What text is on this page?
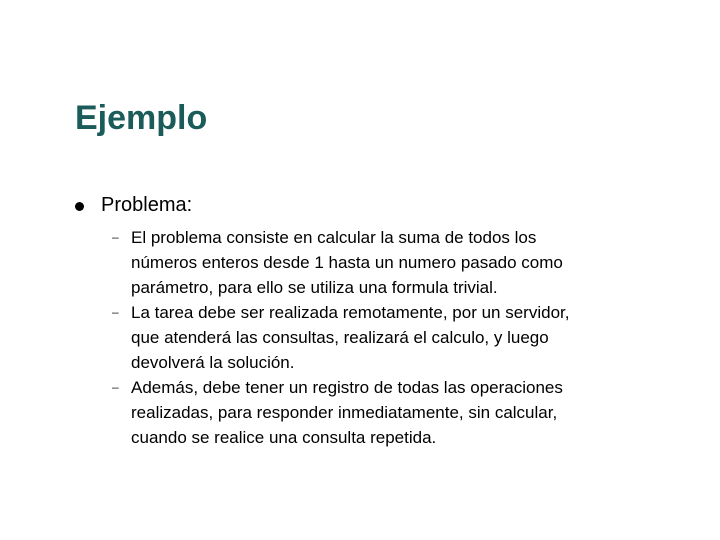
Ejemplo
Problema:
– El problema consiste en calcular la suma de todos los
números enteros desde 1 hasta un numero pasado como
parámetro, para ello se utiliza una formula trivial.
– La tarea debe ser realizada remotamente, por un servidor,
que atenderá las consultas, realizará el calculo, y luego
devolverá la solución.
– Además, debe tener un registro de todas las operaciones
realizadas, para responder inmediatamente, sin calcular,
cuando se realice una consulta repetida.
